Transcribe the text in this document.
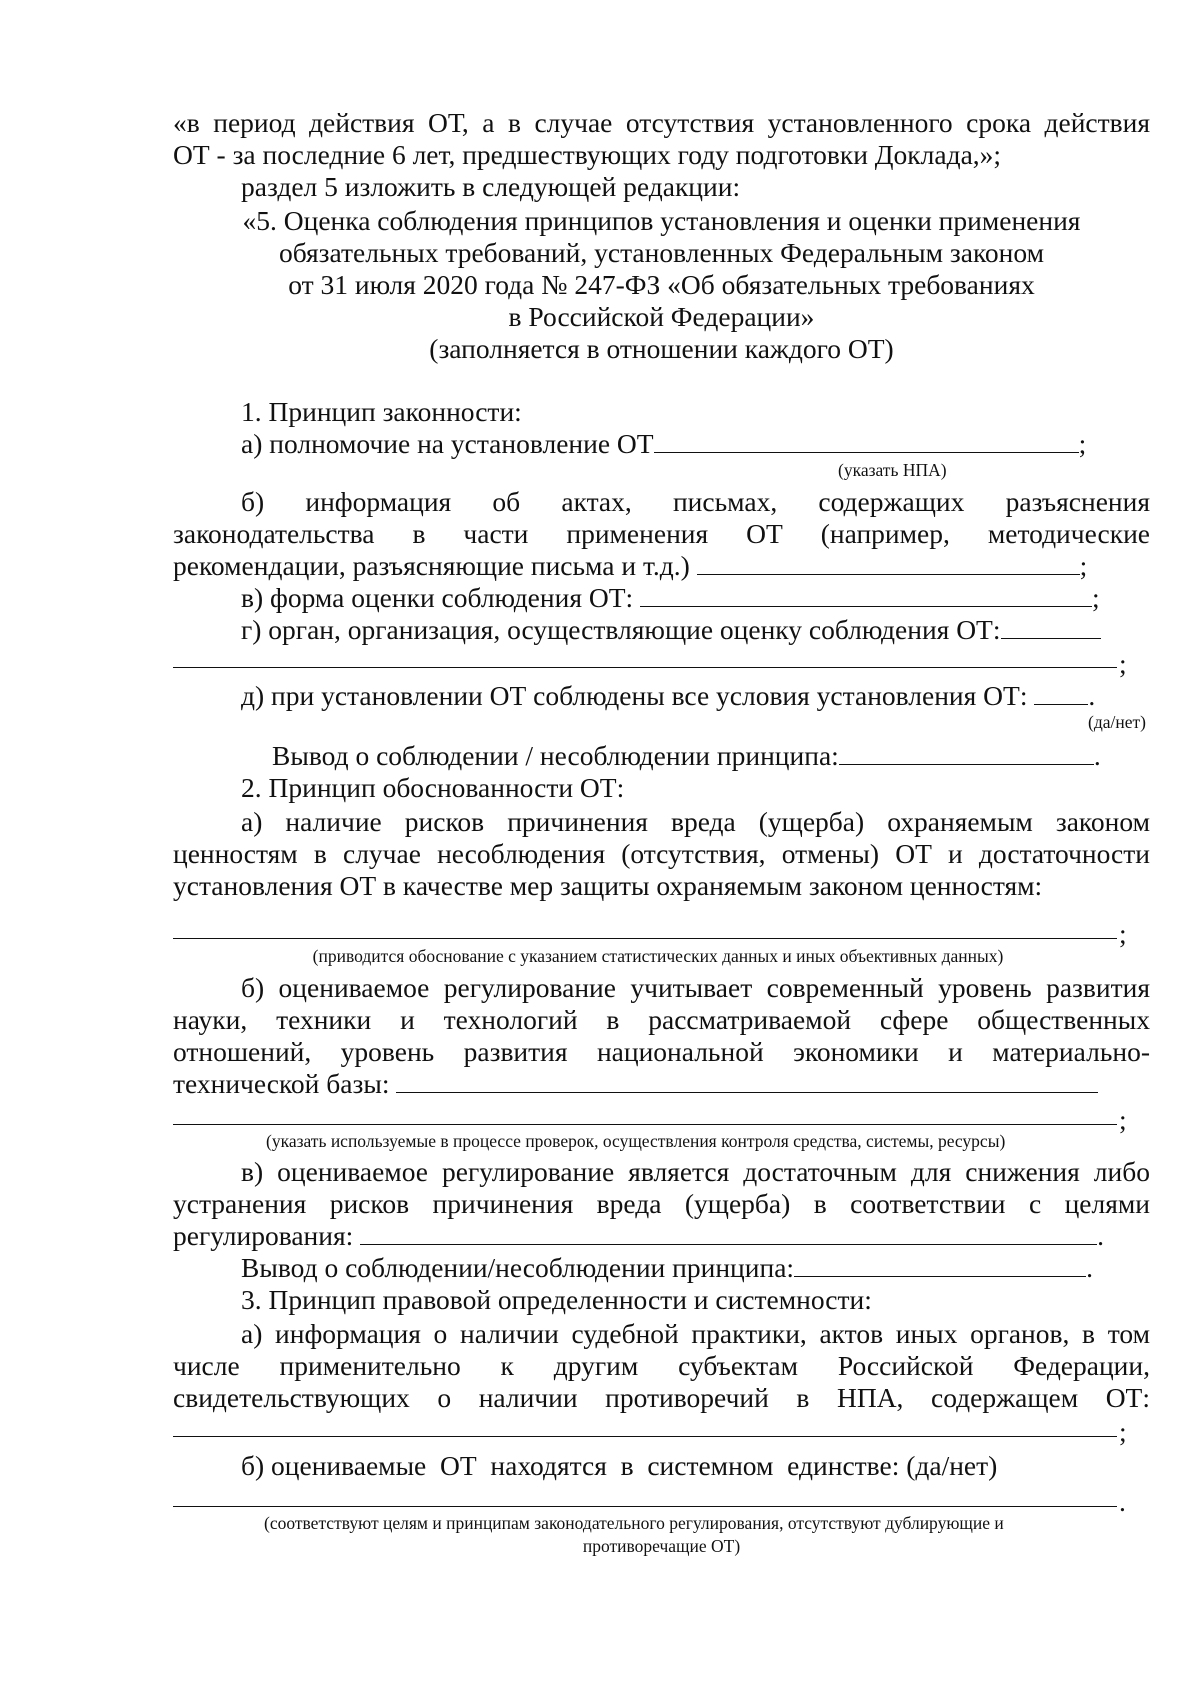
«в период действия ОТ, а в случае отсутствия установленного срока действия
ОТ - за последние 6 лет, предшествующих году подготовки Доклада,»;
раздел 5 изложить в следующей редакции:
«5. Оценка соблюдения принципов установления и оценки применения
обязательных требований, установленных Федеральным законом
от 31 июля 2020 года № 247-ФЗ «Об обязательных требованиях
в Российской Федерации»
(заполняется в отношении каждого ОТ)
1. Принцип законности:
а) полномочие на установление ОТ	;
(указать НПА)
б) информация об актах, письмах, содержащих разъяснения
законодательства в части применения ОТ (например, методические
рекомендации, разъясняющие письма и т.д.)	;
в) форма оценки соблюдения ОТ:	;
г) орган, организация, осуществляющие оценку соблюдения ОТ:
;
д) при установлении ОТ соблюдены все условия установления ОТ: .
(да/нет)
Вывод о соблюдении / несоблюдении принципа:	.
2. Принцип обоснованности ОТ:
а) наличие рисков причинения вреда (ущерба) охраняемым законом
ценностям в случае несоблюдения (отсутствия, отмены) ОТ и достаточности
установления ОТ в качестве мер защиты охраняемым законом ценностям:
;
(приводится обоснование с указанием статистических данных и иных объективных данных)
б) оцениваемое регулирование учитывает современный уровень развития
науки, техники и технологий в рассматриваемой сфере общественных
отношений, уровень развития национальной экономики и материально-
технической базы:
;
(указать используемые в процессе проверок, осуществления контроля средства, системы, ресурсы)
в) оцениваемое регулирование является достаточным для снижения либо
устранения рисков причинения вреда (ущерба) в соответствии с целями
регулирования:	.
Вывод о соблюдении/несоблюдении принципа:	.
3. Принцип правовой определенности и системности:
а) информация о наличии судебной практики, актов иных органов, в том
числе применительно к другим субъектам Российской Федерации,
свидетельствующих о наличии противоречий в НПА, содержащем ОТ:
;
б) оцениваемые  ОТ  находятся  в  системном  единстве: (да/нет)
.
(соответствуют целям и принципам законодательного регулирования, отсутствуют дублирующие и
противоречащие ОТ)
